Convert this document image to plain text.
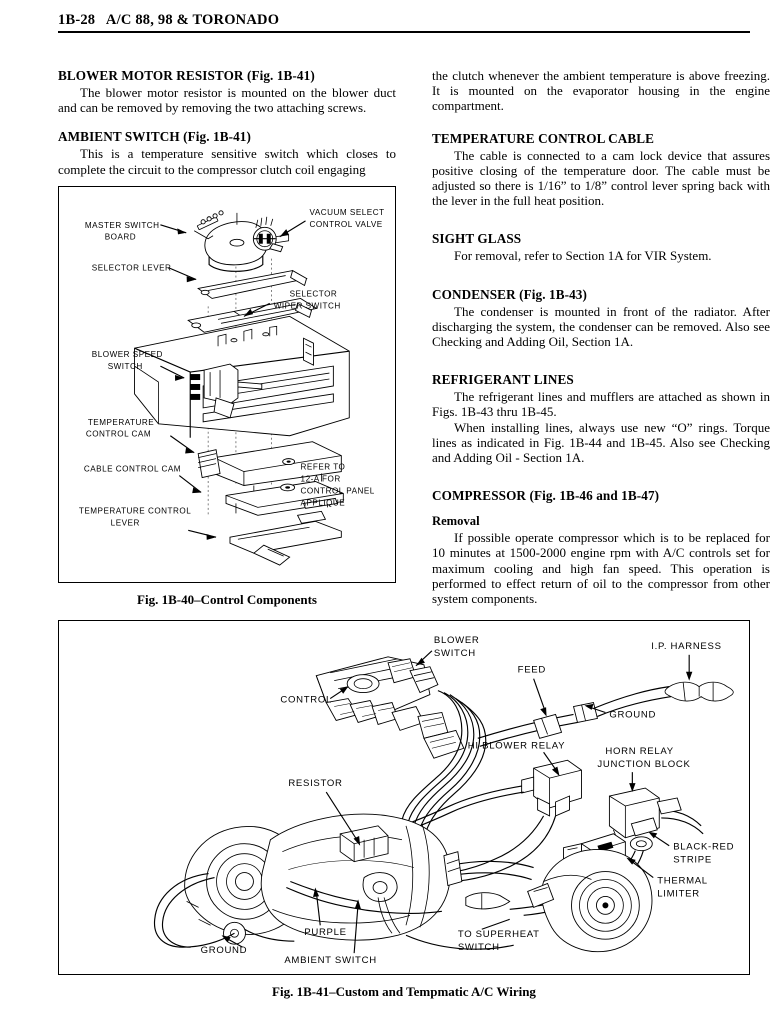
1B-28   A/C 88, 98 & TORONADO
BLOWER MOTOR RESISTOR (Fig. 1B-41)

The blower motor resistor is mounted on the blower duct and can be removed by removing the two attaching screws.

AMBIENT SWITCH (Fig. 1B-41)

This is a temperature sensitive switch which closes to complete the circuit to the compressor clutch coil engaging

the clutch whenever the ambient temperature is above freezing. It is mounted on the evaporator housing in the engine compartment.

TEMPERATURE CONTROL CABLE

The cable is connected to a cam lock device that assures positive closing of the temperature door. The cable must be adjusted so there is 1/16” to 1/8” control lever spring back with the lever in the full heat position.

SIGHT GLASS

For removal, refer to Section 1A for VIR System.

CONDENSER (Fig. 1B-43)

The condenser is mounted in front of the radiator. After discharging the system, the condenser can be removed. Also see Checking and Adding Oil, Section 1A.

REFRIGERANT LINES

The refrigerant lines and mufflers are attached as shown in Figs. 1B-43 thru 1B-45.

When installing lines, always use new “O” rings. Torque lines as indicated in Fig. 1B-44 and 1B-45. Also see Checking and Adding Oil - Section 1A.

COMPRESSOR (Fig. 1B-46 and 1B-47)
Removal

If possible operate compressor which is to be replaced for 10 minutes at 1500-2000 engine rpm with A/C controls set for maximum cooling and high fan speed. This operation is performed to effect return of oil to the compressor from other system components.

MASTER SWITCH
BOARD
SELECTOR LEVER
VACUUM SELECT
CONTROL VALVE
SELECTOR
WIPER SWITCH
BLOWER SPEED
SWITCH
TEMPERATURE
CONTROL CAM
CABLE CONTROL CAM
TEMPERATURE CONTROL
LEVER
REFER TO
12-A FOR
CONTROL PANEL
APPLIQUE
Fig. 1B-40–Control Components
BLOWER
SWITCH
I.P. HARNESS
CONTROL
FEED
GROUND
HI BLOWER RELAY
HORN RELAY
JUNCTION BLOCK
RESISTOR
BLACK-RED
STRIPE
THERMAL
LIMITER
PURPLE
GROUND
AMBIENT SWITCH
TO SUPERHEAT
SWITCH
Fig. 1B-41–Custom and Tempmatic A/C Wiring
